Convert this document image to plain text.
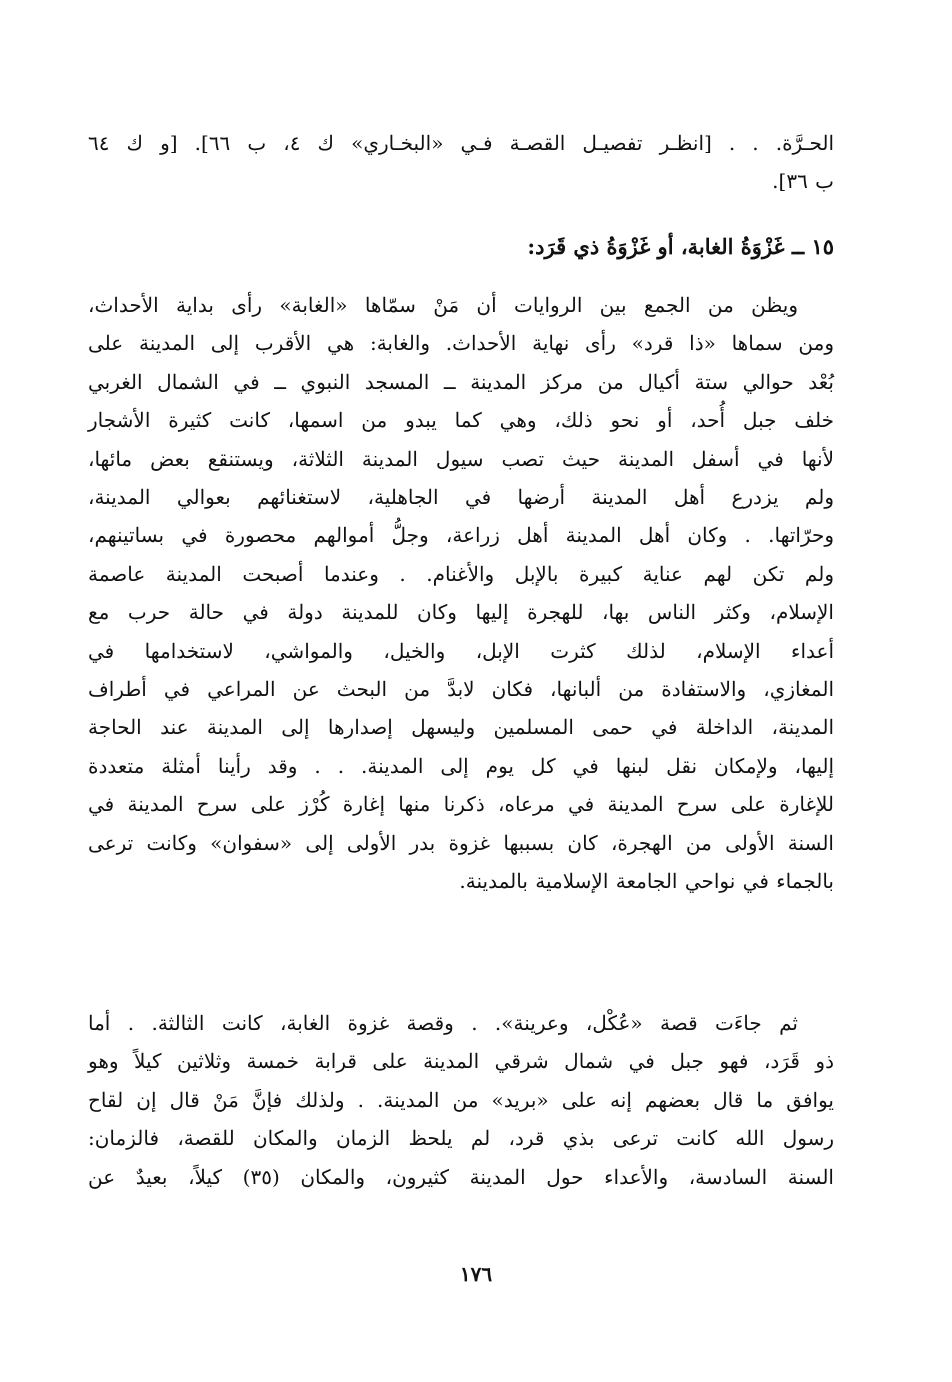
الحـرَّة. . . [انظـر تفصيـل القصـة فـي «البخـاري» ك ٤، ب ٦٦]. [و ك ٦٤
ب ٣٦].
١٥ ــ غَزْوَةُ الغابة، أو غَزْوَةُ ذي قَرَد:
ويظن من الجمع بين الروايات أن مَنْ سمّاها «الغابة» رأى بداية الأحداث،
ومن سماها «ذا قرد» رأى نهاية الأحداث. والغابة: هي الأقرب إلى المدينة على
بُعْد حوالي ستة أكيال من مركز المدينة ــ المسجد النبوي ــ في الشمال الغربي
خلف جبل أُحد، أو نحو ذلك، وهي كما يبدو من اسمها، كانت كثيرة الأشجار
لأنها في أسفل المدينة حيث تصب سيول المدينة الثلاثة، ويستنقع بعض مائها،
ولم يزدرع أهل المدينة أرضها في الجاهلية، لاستغنائهم بعوالي المدينة،
وحرّاتها. . وكان أهل المدينة أهل زراعة، وجلُّ أموالهم محصورة في بساتينهم،
ولم تكن لهم عناية كبيرة بالإبل والأغنام. . وعندما أصبحت المدينة عاصمة
الإسلام، وكثر الناس بها، للهجرة إليها وكان للمدينة دولة في حالة حرب مع
أعداء الإسلام، لذلك كثرت الإبل، والخيل، والمواشي، لاستخدامها في
المغازي، والاستفادة من ألبانها، فكان لابدَّ من البحث عن المراعي في أطراف
المدينة، الداخلة في حمى المسلمين وليسهل إصدارها إلى المدينة عند الحاجة
إليها، ولإمكان نقل لبنها في كل يوم إلى المدينة. . . وقد رأينا أمثلة متعددة
للإغارة على سرح المدينة في مرعاه، ذكرنا منها إغارة كُرْز على سرح المدينة في
السنة الأولى من الهجرة، كان بسببها غزوة بدر الأولى إلى «سفوان» وكانت ترعى
بالجماء في نواحي الجامعة الإسلامية بالمدينة.
ثم جاءَت قصة «عُكْل، وعرينة». . وقصة غزوة الغابة، كانت الثالثة. . أما
ذو قَرَد، فهو جبل في شمال شرقي المدينة على قرابة خمسة وثلاثين كيلاً وهو
يوافق ما قال بعضهم إنه على «بريد» من المدينة. . ولذلك فإنَّ مَنْ قال إن لقاح
رسول الله كانت ترعى بذي قرد، لم يلحظ الزمان والمكان للقصة، فالزمان:
السنة السادسة، والأعداء حول المدينة كثيرون، والمكان (٣٥) كيلاً، بعيدٌ عن
١٧٦
